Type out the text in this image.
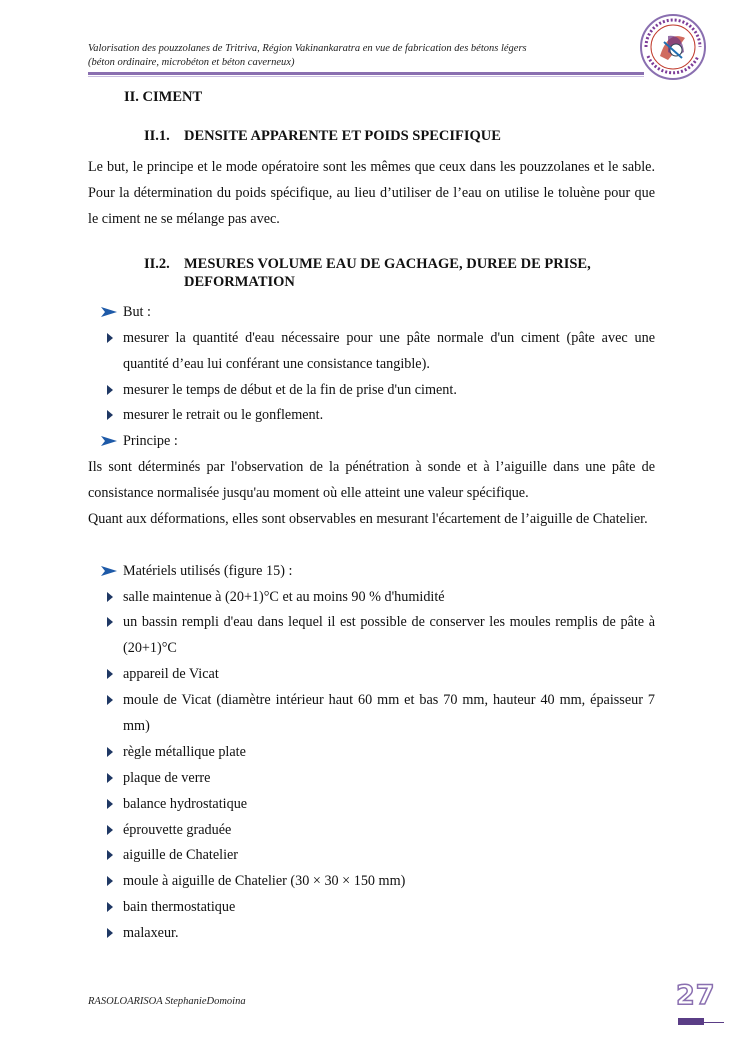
Valorisation des pouzzolanes de Tritriva, Région Vakinankaratra en vue de fabrication des bétons légers
(béton ordinaire, microbéton et béton caverneux)
II. CIMENT
II.1. DENSITE APPARENTE ET POIDS SPECIFIQUE
Le but, le principe et le mode opératoire sont les mêmes que ceux dans les pouzzolanes et le sable. Pour la détermination du poids spécifique, au lieu d’utiliser de l’eau on utilise le toluène pour que le ciment ne se mélange pas avec.
II.2. MESURES VOLUME EAU DE GACHAGE, DUREE DE PRISE, DEFORMATION
But :
mesurer la quantité d'eau nécessaire pour une pâte normale d'un ciment (pâte avec une quantité d’eau lui conférant une consistance tangible).
mesurer le temps de début et de la fin de prise d'un ciment.
mesurer le retrait ou le gonflement.
Principe :
Ils sont déterminés par l'observation de la pénétration à sonde et à l’aiguille dans une pâte de consistance normalisée jusqu'au moment où elle atteint une valeur spécifique.
Quant aux déformations, elles sont observables en mesurant l'écartement de l’aiguille de Chatelier.
Matériels utilisés (figure 15) :
salle maintenue à (20+1)°C et au moins 90 % d'humidité
un bassin rempli d'eau dans lequel il est possible de conserver les moules remplis de pâte à (20+1)°C
appareil de Vicat
moule de Vicat (diamètre intérieur haut 60 mm et bas 70 mm, hauteur 40 mm, épaisseur 7 mm)
règle métallique plate
plaque de verre
balance hydrostatique
éprouvette graduée
aiguille de Chatelier
moule à aiguille de Chatelier (30 × 30 × 150 mm)
bain thermostatique
malaxeur.
RASOLOARISOA StephanieDomoina	27
